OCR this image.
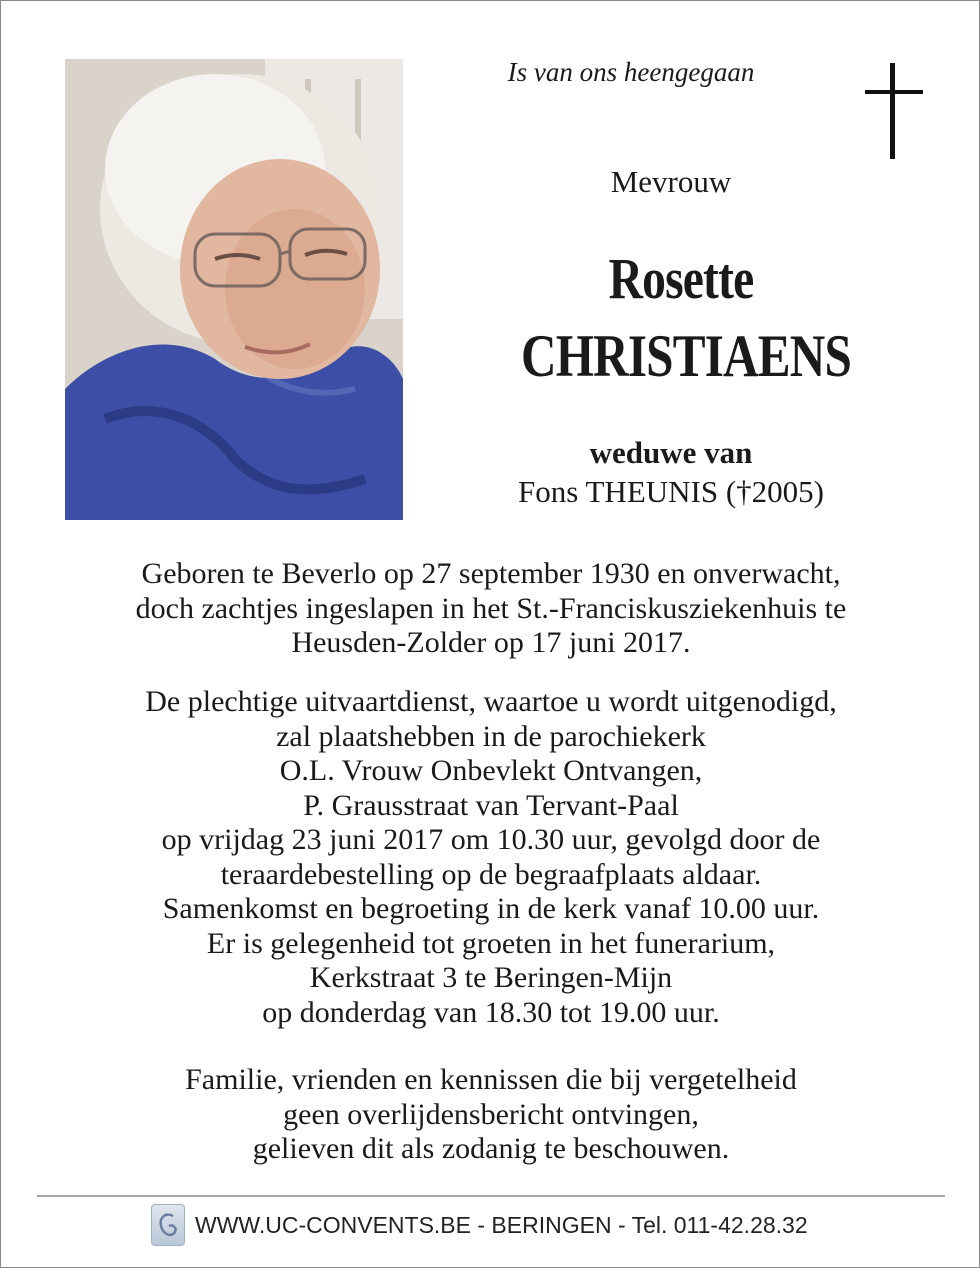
Is van ons heengegaan
Mevrouw
Rosette
CHRISTIAENS
weduwe van
Fons THEUNIS (†2005)
Geboren te Beverlo op 27 september 1930 en onverwacht,
doch zachtjes ingeslapen in het St.-Franciskusziekenhuis te
Heusden-Zolder op 17 juni 2017.
De plechtige uitvaartdienst, waartoe u wordt uitgenodigd,
zal plaatshebben in de parochiekerk
O.L. Vrouw Onbevlekt Ontvangen,
P. Grausstraat van Tervant-Paal
op vrijdag 23 juni 2017 om 10.30 uur, gevolgd door de
teraardebestelling op de begraafplaats aldaar.
Samenkomst en begroeting in de kerk vanaf 10.00 uur.
Er is gelegenheid tot groeten in het funerarium,
Kerkstraat 3 te Beringen-Mijn
op donderdag van 18.30 tot 19.00 uur.
Familie, vrienden en kennissen die bij vergetelheid
geen overlijdensbericht ontvingen,
gelieven dit als zodanig te beschouwen.
WWW.UC-CONVENTS.BE - BERINGEN - Tel. 011-42.28.32
